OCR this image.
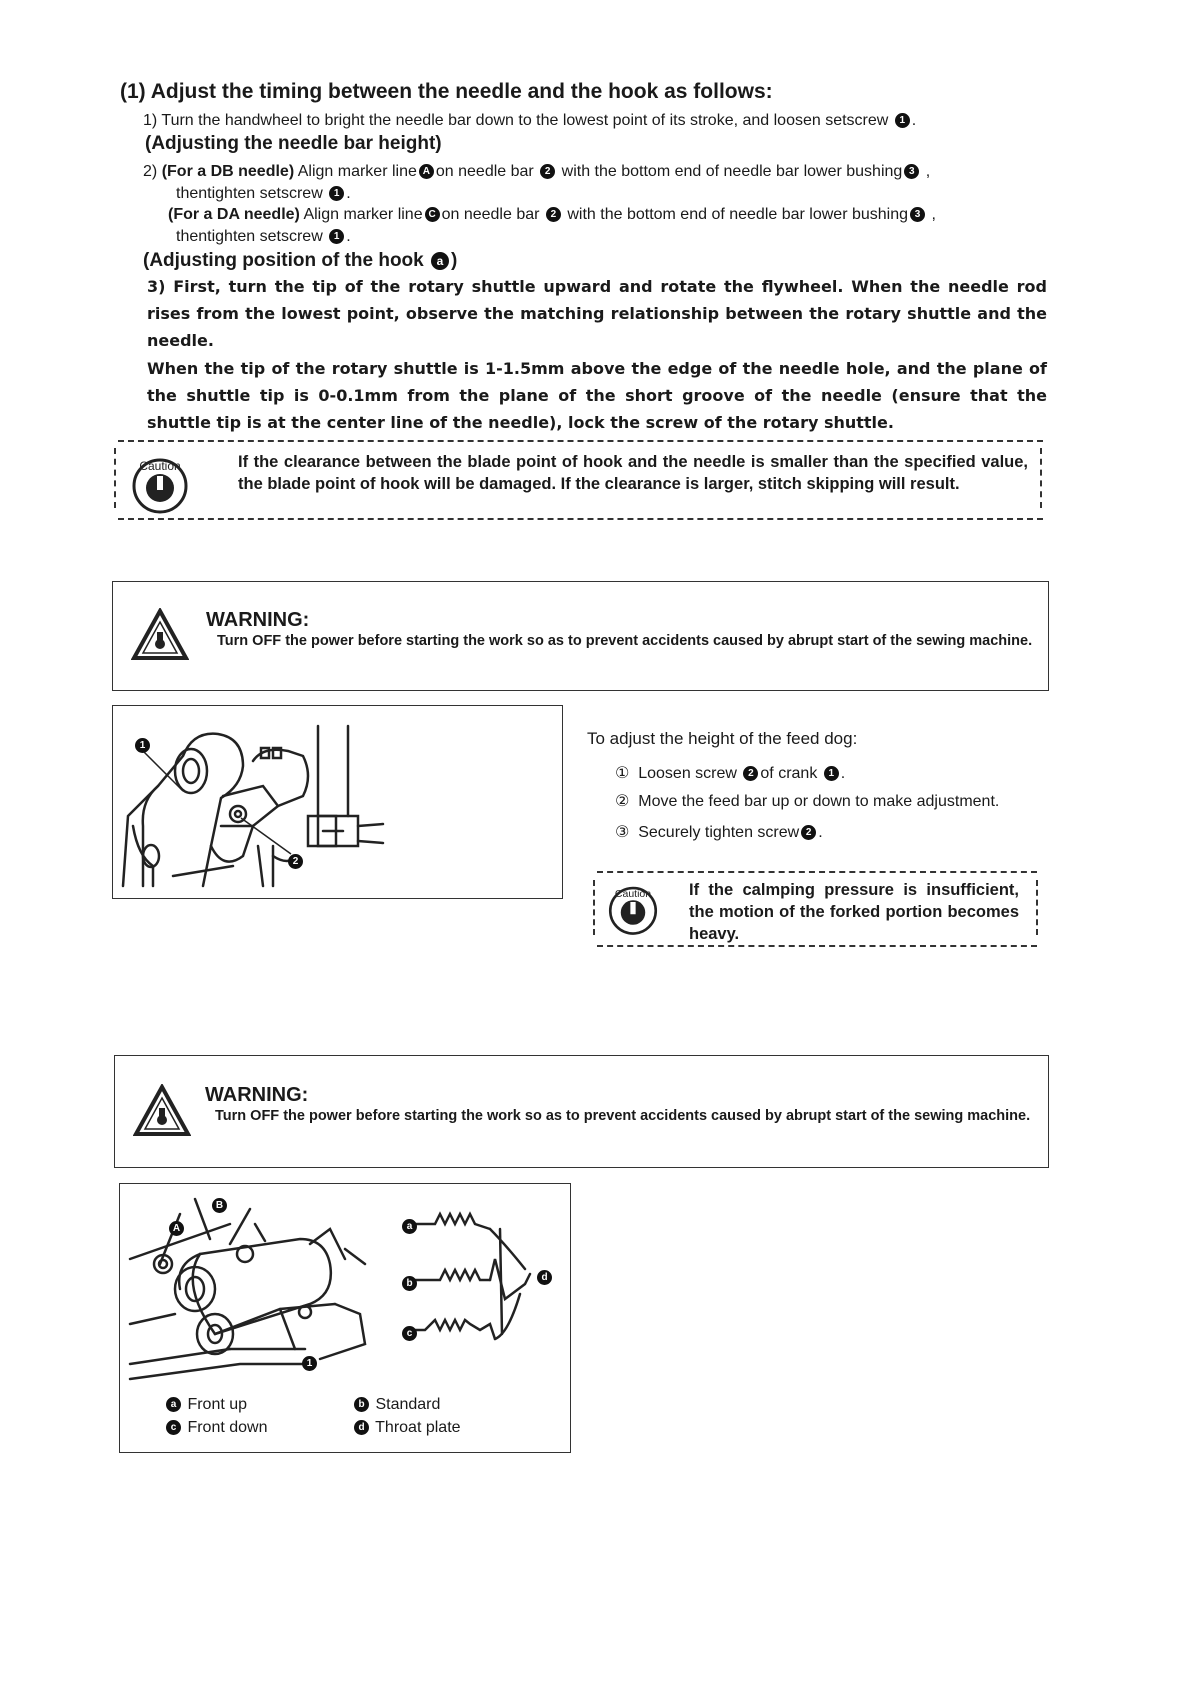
(1) Adjust the timing between the needle and the hook as follows:
1) Turn the handwheel to bright the needle bar down to the lowest point of its stroke, and loosen setscrew 1 .
(Adjusting the needle bar height)
2) (For a DB needle) Align marker line A on needle bar 2 with the bottom end of needle bar lower bushing 3 ,
thentighten setscrew 1 .
(For a DA needle) Align marker line C on needle bar 2 with the bottom end of needle bar lower bushing 3 ,
thentighten setscrew 1 .
(Adjusting position of the hook a )
3) First, turn the tip of the rotary shuttle upward and rotate the flywheel. When the needle rod rises from the lowest point, observe the matching relationship between the rotary shuttle and the needle.
When the tip of the rotary shuttle is 1-1.5mm above the edge of the needle hole, and the plane of the shuttle tip is 0-0.1mm from the plane of the short groove of the needle (ensure that the shuttle tip is at the center line of the needle), lock the screw of the rotary shuttle.
Caution	If the clearance between the blade point of hook and the needle is smaller than the specified value, the blade point of hook will be damaged. If the clearance is larger, stitch skipping will result.
WARNING:
Turn OFF the power before starting the work so as to prevent accidents caused by abrupt start of the sewing machine.
1
2
To adjust the height of the feed dog:
① Loosen screw 2 of crank 1 .
② Move the feed bar up or down to make adjustment.
③ Securely tighten screw 2 .
Caution If the calmping pressure is insufficient, the motion of the forked portion becomes heavy.
WARNING:
Turn OFF the power before starting the work so as to prevent accidents caused by abrupt start of the sewing machine.
A
B
1
a
b
c
d
a Front up	b Standard
c Front down	d Throat plate
